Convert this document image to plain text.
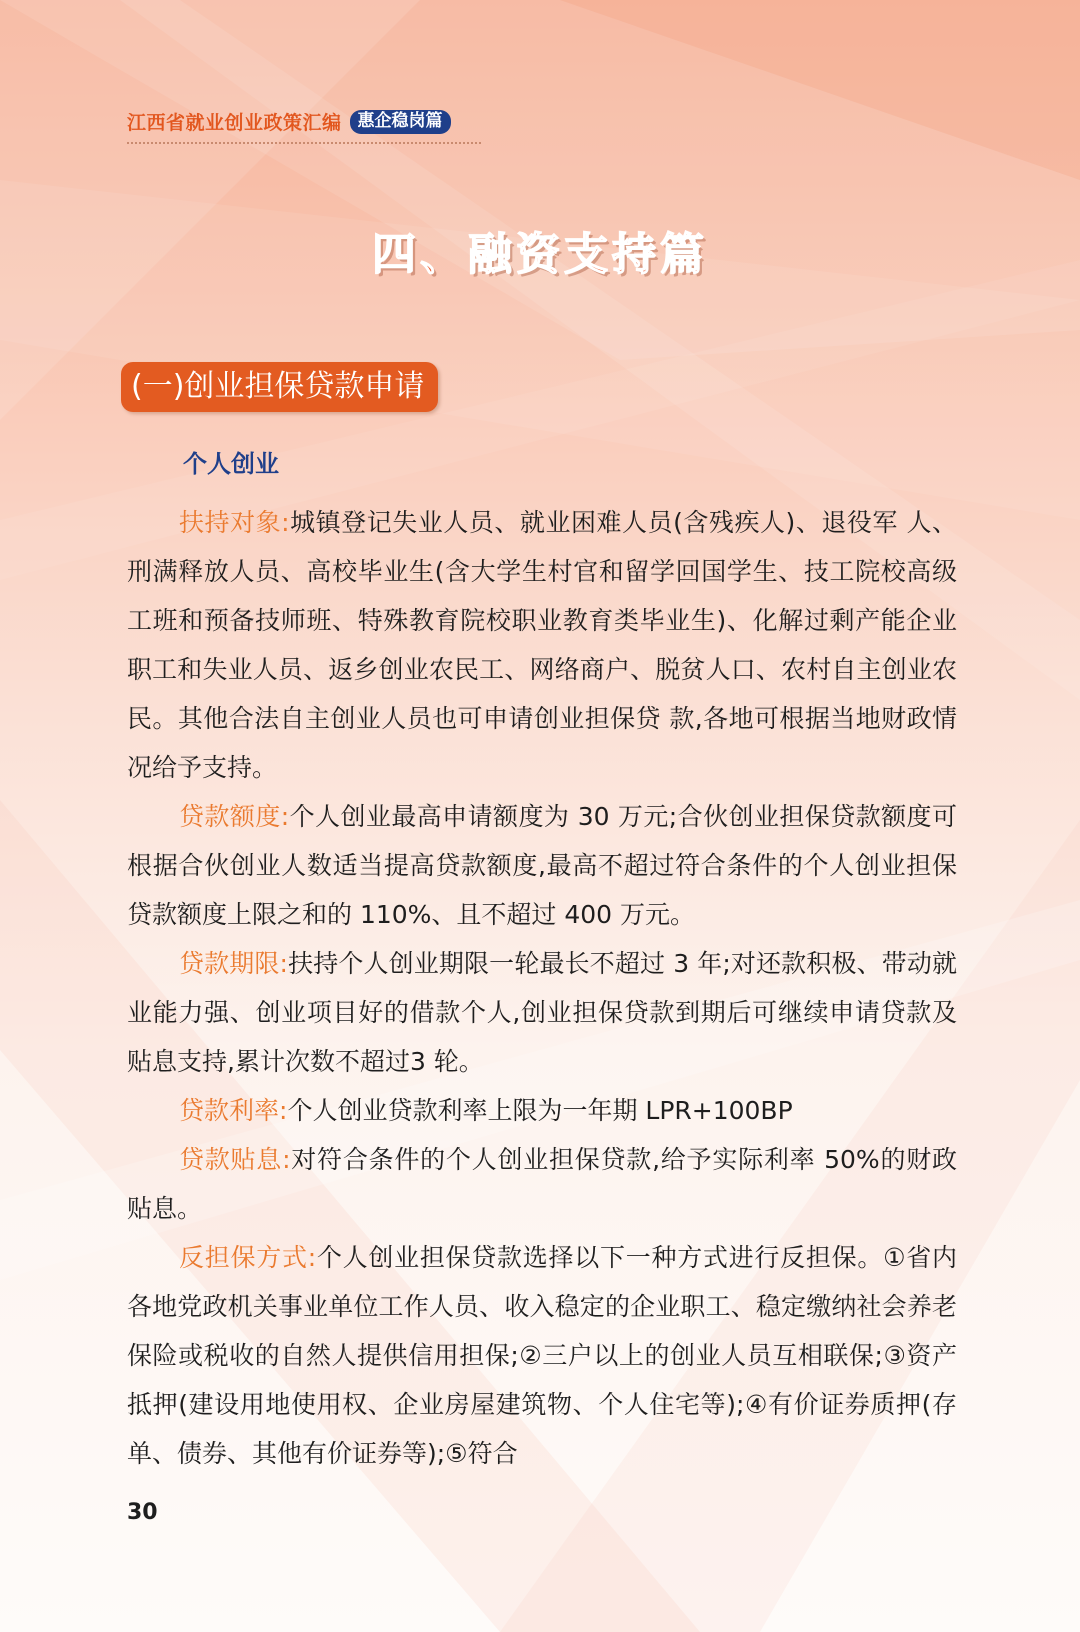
江西省就业创业政策汇编 惠企稳岗篇
四、融资支持篇
(一)创业担保贷款申请
个人创业

扶持对象:城镇登记失业人员、就业困难人员(含残疾人)、退役军 人、刑满释放人员、高校毕业生(含大学生村官和留学回国学生、技工院校高级工班和预备技师班、特殊教育院校职业教育类毕业生)、化解过剩产能企业职工和失业人员、返乡创业农民工、网络商户、脱贫人口、农村自主创业农民。其他合法自主创业人员也可申请创业担保贷 款,各地可根据当地财政情况给予支持。

贷款额度:个人创业最高申请额度为 30 万元;合伙创业担保贷款额度可根据合伙创业人数适当提高贷款额度,最高不超过符合条件的个人创业担保贷款额度上限之和的 110%、且不超过 400 万元。

贷款期限:扶持个人创业期限一轮最长不超过 3 年;对还款积极、带动就业能力强、创业项目好的借款个人,创业担保贷款到期后可继续申请贷款及贴息支持,累计次数不超过3 轮。

贷款利率:个人创业贷款利率上限为一年期 LPR+100BP

贷款贴息:对符合条件的个人创业担保贷款,给予实际利率 50%的财政贴息。

反担保方式:个人创业担保贷款选择以下一种方式进行反担保。①省内各地党政机关事业单位工作人员、收入稳定的企业职工、稳定缴纳社会养老保险或税收的自然人提供信用担保;②三户以上的创业人员互相联保;③资产抵押(建设用地使用权、企业房屋建筑物、个人住宅等);④有价证券质押(存单、债券、其他有价证券等);⑤符合

30
